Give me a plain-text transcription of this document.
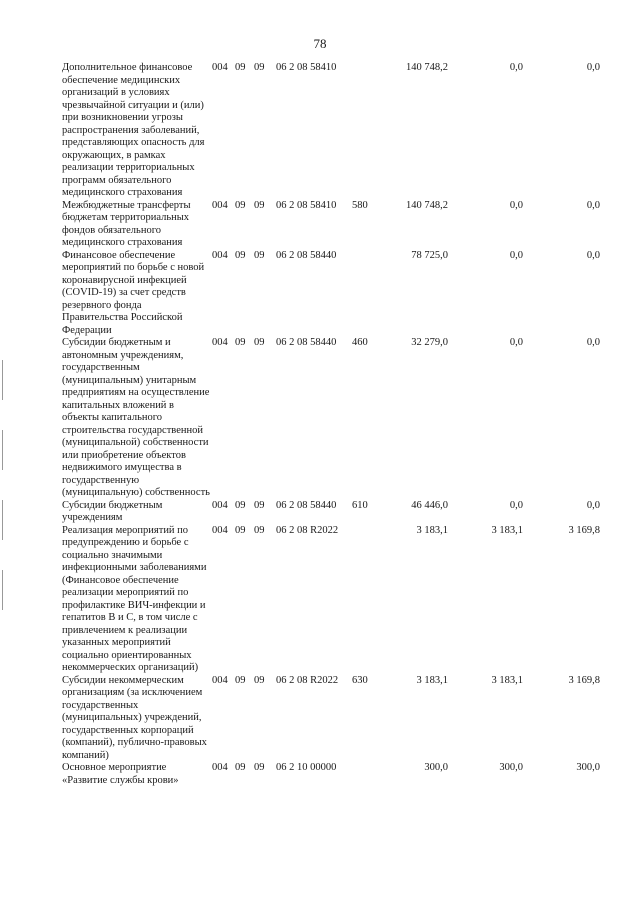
78
Дополнительное финансовое обеспечение медицинских организаций в условиях чрезвычайной ситуации и (или) при возникновении угрозы распространения заболеваний, представляющих опасность для окружающих, в рамках реализации территориальных программ обязательного медицинского страхования
004 09 09 06 2 08 58410	140 748,2	0,0	0,0
Межбюджетные трансферты бюджетам территориальных фондов обязательного медицинского страхования
004 09 09 06 2 08 58410 580	140 748,2	0,0	0,0
Финансовое обеспечение мероприятий по борьбе с новой коронавирусной инфекцией (COVID-19) за счет средств резервного фонда Правительства Российской Федерации
004 09 09 06 2 08 58440	78 725,0	0,0	0,0
Субсидии бюджетным и автономным учреждениям, государственным (муниципальным) унитарным предприятиям на осуществление капитальных вложений в объекты капитального строительства государственной (муниципальной) собственности или приобретение объектов недвижимого имущества в государственную (муниципальную) собственность
004 09 09 06 2 08 58440 460	32 279,0	0,0	0,0
Субсидии бюджетным учреждениям
004 09 09 06 2 08 58440 610	46 446,0	0,0	0,0
Реализация мероприятий по предупреждению и борьбе с социально значимыми инфекционными заболеваниями (Финансовое обеспечение реализации мероприятий по профилактике ВИЧ-инфекции и гепатитов В и С, в том числе с привлечением к реализации указанных мероприятий социально ориентированных некоммерческих организаций)
004 09 09 06 2 08 R2022	3 183,1	3 183,1	3 169,8
Субсидии некоммерческим организациям (за исключением государственных (муниципальных) учреждений, государственных корпораций (компаний), публично-правовых компаний)
004 09 09 06 2 08 R2022 630	3 183,1	3 183,1	3 169,8
Основное мероприятие «Развитие службы крови»
004 09 09 06 2 10 00000	300,0	300,0	300,0
